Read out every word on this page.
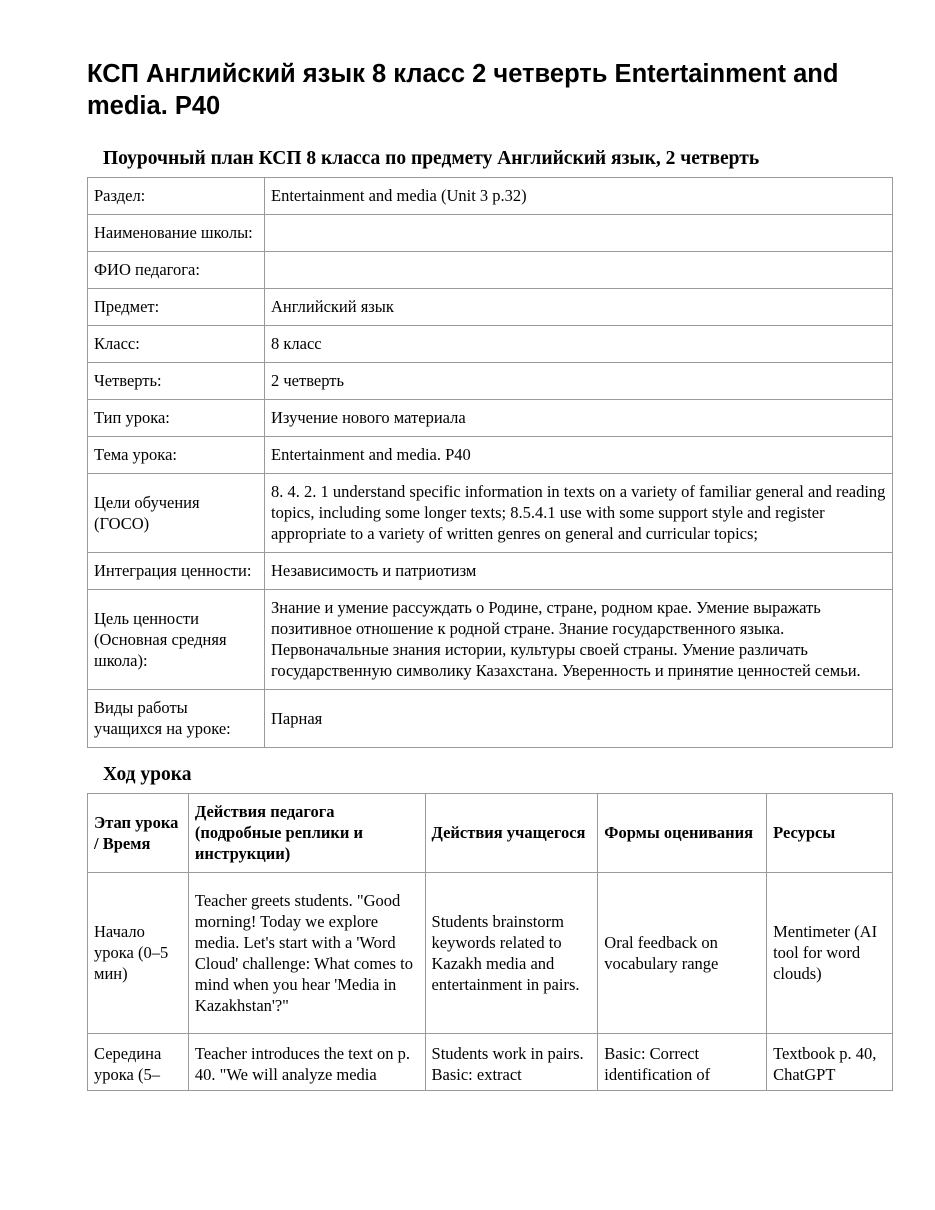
КСП Английский язык 8 класс 2 четверть Entertainment and media. P40
Поурочный план КСП 8 класса по предмету Английский язык, 2 четверть
Раздел:	Entertainment and media (Unit 3 p.32)
Наименование школы:	
ФИО педагога:	
Предмет:	Английский язык
Класс:	8 класс
Четверть:	2 четверть
Тип урока:	Изучение нового материала
Тема урока:	Entertainment and media. P40
Цели обучения (ГОСО)	8. 4. 2. 1 understand specific information in texts on a variety of familiar general and reading topics, including some longer texts; 8.5.4.1 use with some support style and register appropriate to a variety of written genres on general and curricular topics;
Интеграция ценности:	Независимость и патриотизм
Цель ценности (Основная средняя школа):	Знание и умение рассуждать о Родине, стране, родном крае. Умение выражать позитивное отношение к родной стране. Знание государственного языка. Первоначальные знания истории, культуры своей страны. Умение различать государственную символику Казахстана. Уверенность и принятие ценностей семьи.
Виды работы учащихся на уроке:	Парная
Ход урока
Этап урока / Время	Действия педагога (подробные реплики и инструкции)	Действия учащегося	Формы оценивания	Ресурсы
Начало урока (0–5 мин)	Teacher greets students. "Good morning! Today we explore media. Let's start with a 'Word Cloud' challenge: What comes to mind when you hear 'Media in Kazakhstan'?"	Students brainstorm keywords related to Kazakh media and entertainment in pairs.	Oral feedback on vocabulary range	Mentimeter (AI tool for word clouds)

Середина урока (5–	Teacher introduces the text on p. 40. "We will analyze media	Students work in pairs. Basic: extract	Basic: Correct identification of	Textbook p. 40, ChatGPT
